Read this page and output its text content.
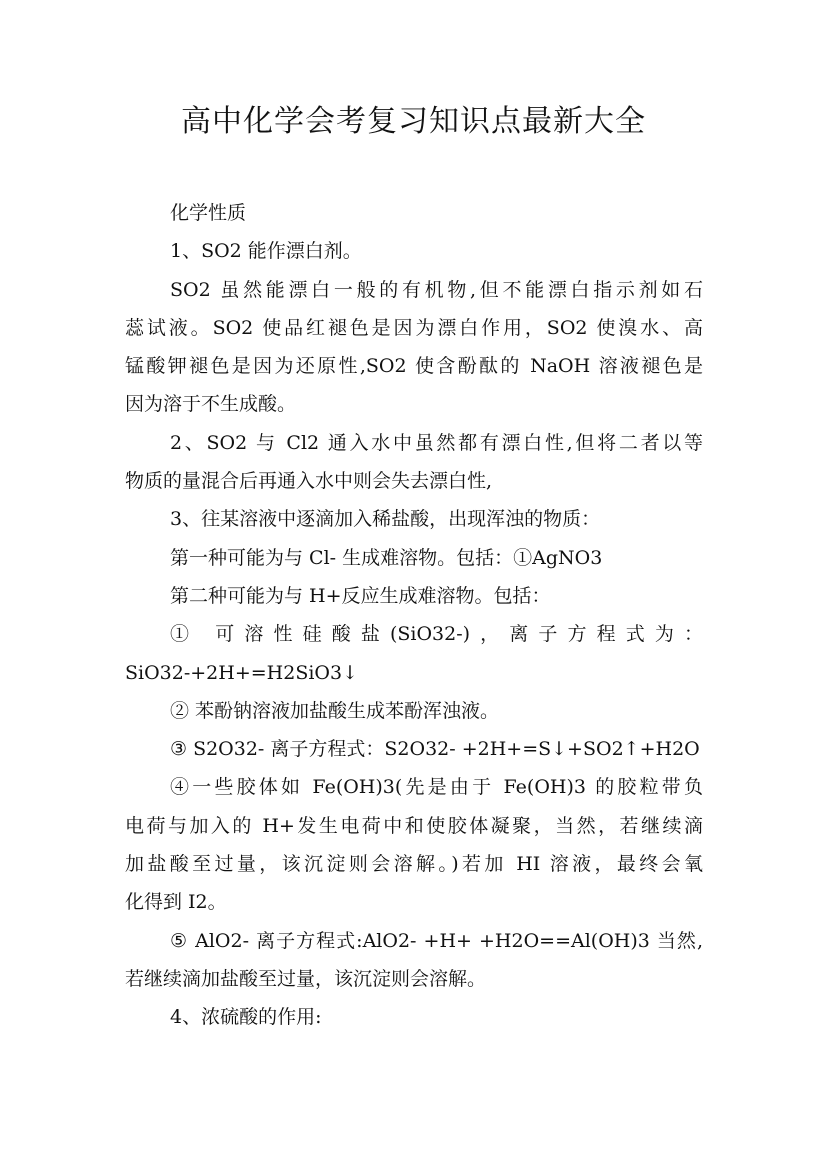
高中化学会考复习知识点最新大全

化学性质

1、SO2 能作漂白剂。

SO2 虽然能漂白一般的有机物,但不能漂白指示剂如石

蕊试液。SO2 使品红褪色是因为漂白作用，SO2 使溴水、高

锰酸钾褪色是因为还原性,SO2 使含酚酞的 NaOH 溶液褪色是

因为溶于不生成酸。

2、SO2 与 Cl2 通入水中虽然都有漂白性,但将二者以等

物质的量混合后再通入水中则会失去漂白性,

3、往某溶液中逐滴加入稀盐酸，出现浑浊的物质：

第一种可能为与 Cl- 生成难溶物。包括：①AgNO3

第二种可能为与 H+反应生成难溶物。包括：

① 可溶性硅酸盐(SiO32-)，离子方程式为：

SiO32-+2H+=H2SiO3↓

② 苯酚钠溶液加盐酸生成苯酚浑浊液。

③ S2O32- 离子方程式：S2O32- +2H+=S↓+SO2↑+H2O

④一些胶体如 Fe(OH)3(先是由于 Fe(OH)3 的胶粒带负

电荷与加入的 H+发生电荷中和使胶体凝聚，当然，若继续滴

加盐酸至过量，该沉淀则会溶解。)若加 HI 溶液，最终会氧

化得到 I2。

⑤ AlO2- 离子方程式:AlO2- +H+ +H2O==Al(OH)3 当然,

若继续滴加盐酸至过量，该沉淀则会溶解。

4、浓硫酸的作用:
